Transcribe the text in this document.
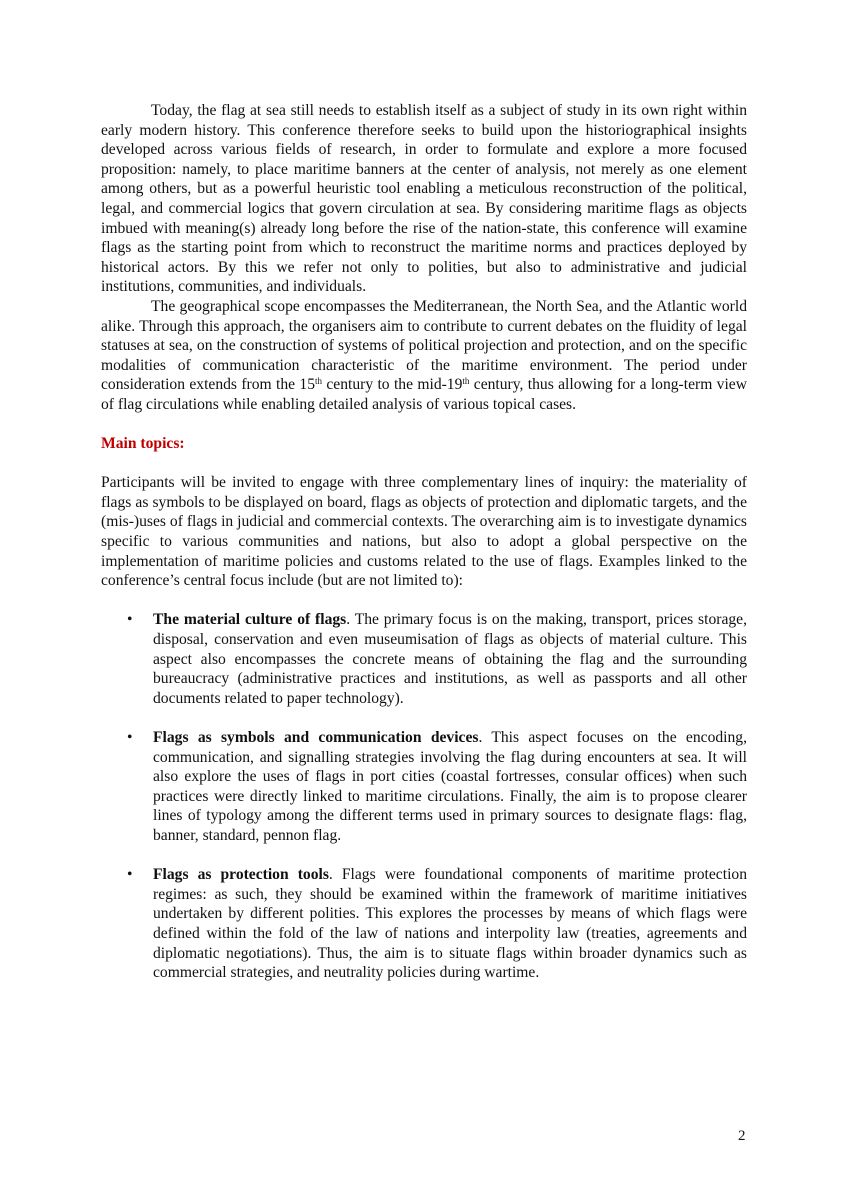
Today, the flag at sea still needs to establish itself as a subject of study in its own right within early modern history. This conference therefore seeks to build upon the historiographical insights developed across various fields of research, in order to formulate and explore a more focused proposition: namely, to place maritime banners at the center of analysis, not merely as one element among others, but as a powerful heuristic tool enabling a meticulous reconstruction of the political, legal, and commercial logics that govern circulation at sea. By considering maritime flags as objects imbued with meaning(s) already long before the rise of the nation-state, this conference will examine flags as the starting point from which to reconstruct the maritime norms and practices deployed by historical actors. By this we refer not only to polities, but also to administrative and judicial institutions, communities, and individuals.

The geographical scope encompasses the Mediterranean, the North Sea, and the Atlantic world alike. Through this approach, the organisers aim to contribute to current debates on the fluidity of legal statuses at sea, on the construction of systems of political projection and protection, and on the specific modalities of communication characteristic of the maritime environment. The period under consideration extends from the 15th century to the mid-19th century, thus allowing for a long-term view of flag circulations while enabling detailed analysis of various topical cases.

Main topics:

Participants will be invited to engage with three complementary lines of inquiry: the materiality of flags as symbols to be displayed on board, flags as objects of protection and diplomatic targets, and the (mis-)uses of flags in judicial and commercial contexts. The overarching aim is to investigate dynamics specific to various communities and nations, but also to adopt a global perspective on the implementation of maritime policies and customs related to the use of flags. Examples linked to the conference’s central focus include (but are not limited to):

• The material culture of flags. The primary focus is on the making, transport, prices storage, disposal, conservation and even museumisation of flags as objects of material culture. This aspect also encompasses the concrete means of obtaining the flag and the surrounding bureaucracy (administrative practices and institutions, as well as passports and all other documents related to paper technology).
• Flags as symbols and communication devices. This aspect focuses on the encoding, communication, and signalling strategies involving the flag during encounters at sea. It will also explore the uses of flags in port cities (coastal fortresses, consular offices) when such practices were directly linked to maritime circulations. Finally, the aim is to propose clearer lines of typology among the different terms used in primary sources to designate flags: flag, banner, standard, pennon flag.
• Flags as protection tools. Flags were foundational components of maritime protection regimes: as such, they should be examined within the framework of maritime initiatives undertaken by different polities. This explores the processes by means of which flags were defined within the fold of the law of nations and interpolity law (treaties, agreements and diplomatic negotiations). Thus, the aim is to situate flags within broader dynamics such as commercial strategies, and neutrality policies during wartime.
2
